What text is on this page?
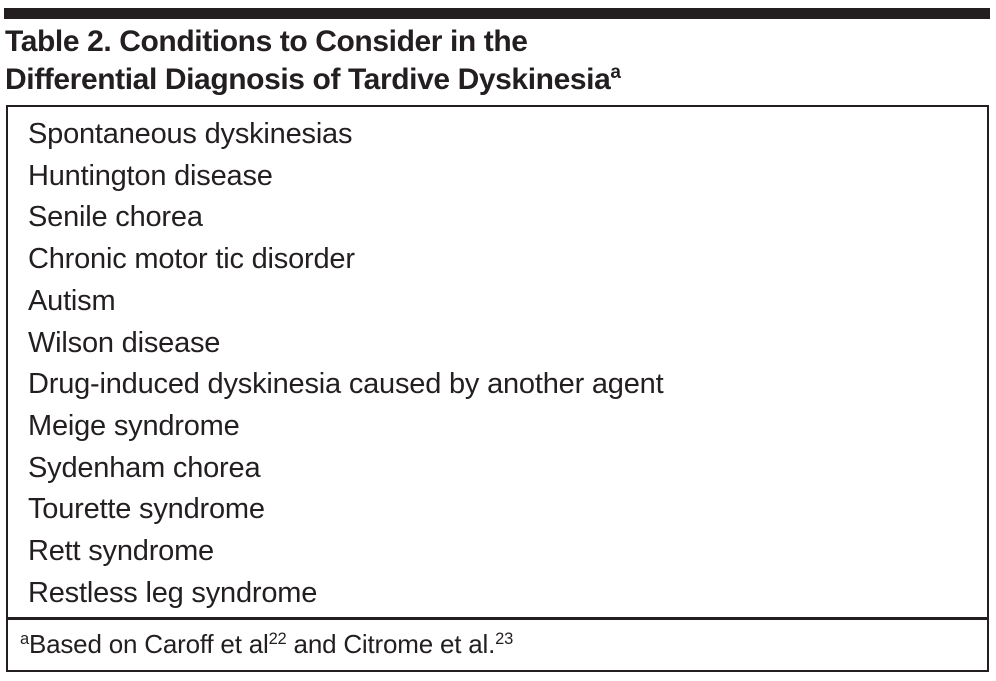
Table 2. Conditions to Consider in the
Differential Diagnosis of Tardive Dyskinesia$^a$
Spontaneous dyskinesias
Huntington disease
Senile chorea
Chronic motor tic disorder
Autism
Wilson disease
Drug-induced dyskinesia caused by another agent
Meige syndrome
Sydenham chorea
Tourette syndrome
Rett syndrome
Restless leg syndrome
$^a$Based on Caroff et $al^{22}$ and Citrome et al.$^{23}$
